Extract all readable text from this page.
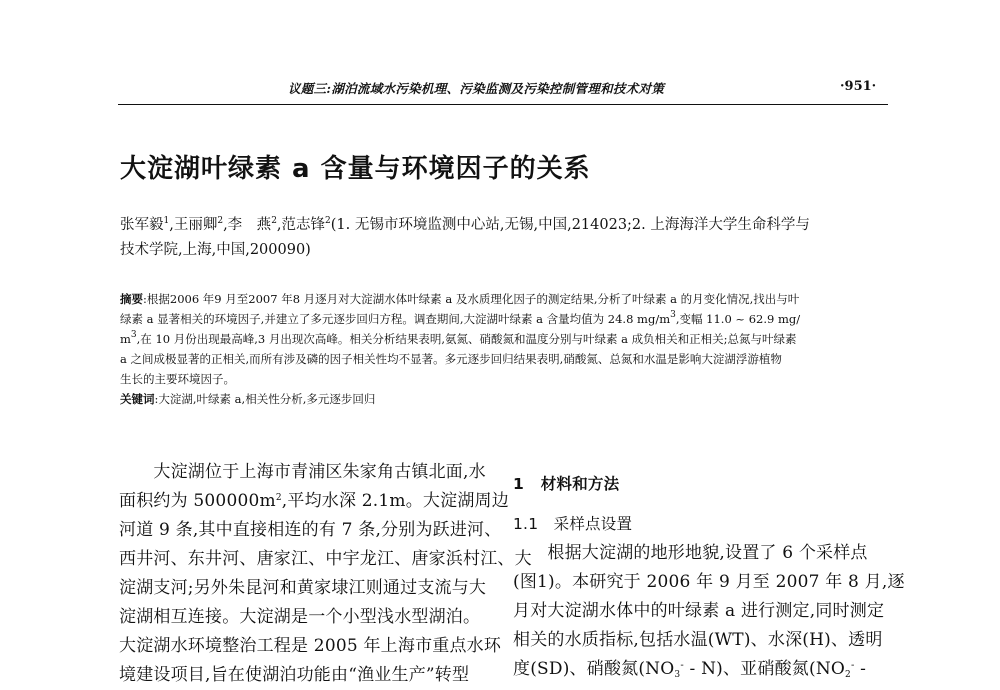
议题三:湖泊流域水污染机理、污染监测及污染控制管理和技术对策	·951·
大淀湖叶绿素 a 含量与环境因子的关系
张军毅$^1$,王丽卿$^2$,李　燕$^2$,范志锋$^2$(1. 无锡市环境监测中心站,无锡,中国,214023;2. 上海海洋大学生命科学与
技术学院,上海,中国,200090)
摘要:根据2006 年9 月至2007 年8 月逐月对大淀湖水体叶绿素 a 及水质理化因子的测定结果,分析了叶绿素 a 的月变化情况,找出与叶
绿素 a 显著相关的环境因子,并建立了多元逐步回归方程。调查期间,大淀湖叶绿素 a 含量均值为 24.8 $mg/m^3$,变幅 11.0 ~ 62.9 mg/
$m^3$,在 10 月份出现最高峰,3 月出现次高峰。相关分析结果表明,氨氮、硝酸氮和温度分别与叶绿素 a 成负相关和正相关;总氮与叶绿素
a 之间成极显著的正相关,而所有涉及磷的因子相关性均不显著。多元逐步回归结果表明,硝酸氮、总氮和水温是影响大淀湖浮游植物
生长的主要环境因子。
关键词:大淀湖,叶绿素 a,相关性分析,多元逐步回归
　　大淀湖位于上海市青浦区朱家角古镇北面,水
面积约为 $500000m^2$,平均水深 2.1m。大淀湖周边
河道 9 条,其中直接相连的有 7 条,分别为跃进河、
西井河、东井河、唐家江、中宇龙江、唐家浜村江、大
淀湖支河;另外朱昆河和黄家埭江则通过支流与大
淀湖相互连接。大淀湖是一个小型浅水型湖泊。
大淀湖水环境整治工程是 2005 年上海市重点水环
境建设项目,旨在使湖泊功能由“渔业生产”转型
1 材料和方法
1.1 采样点设置
　　根据大淀湖的地形地貌,设置了 6 个采样点
(图1)。本研究于 2006 年 9 月至 2007 年 8 月,逐
月对大淀湖水体中的叶绿素 a 进行测定,同时测定
相关的水质指标,包括水温(WT)、水深(H)、透明
度(SD)、硝酸氮(NO3- - N)、亚硝酸氮(NO2- -
